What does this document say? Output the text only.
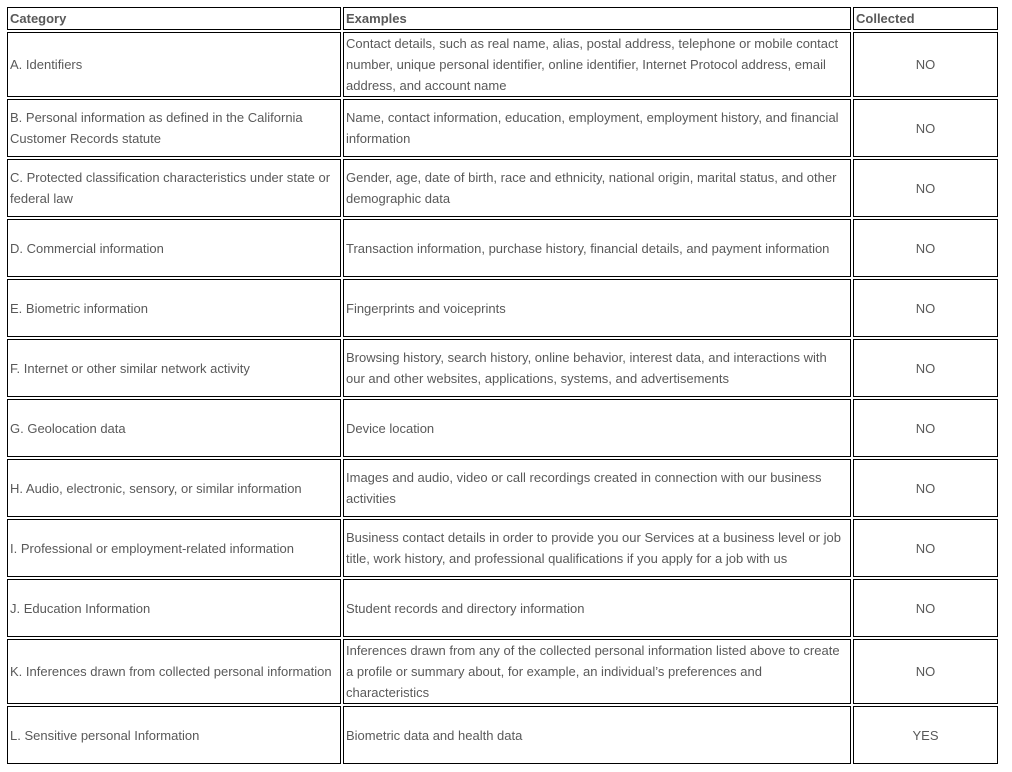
Category	Examples	Collected
A. Identifiers	Contact details, such as real name, alias, postal address, telephone or mobile contact number, unique personal identifier, online identifier, Internet Protocol address, email address, and account name	NO
B. Personal information as defined in the California Customer Records statute	Name, contact information, education, employment, employment history, and financial information	NO
C. Protected classification characteristics under state or federal law	Gender, age, date of birth, race and ethnicity, national origin, marital status, and other demographic data	NO
D. Commercial information	Transaction information, purchase history, financial details, and payment information	NO
E. Biometric information	Fingerprints and voiceprints	NO
F. Internet or other similar network activity	Browsing history, search history, online behavior, interest data, and interactions with our and other websites, applications, systems, and advertisements	NO
G. Geolocation data	Device location	NO
H. Audio, electronic, sensory, or similar information	Images and audio, video or call recordings created in connection with our business activities	NO
I. Professional or employment-related information	Business contact details in order to provide you our Services at a business level or job title, work history, and professional qualifications if you apply for a job with us	NO
J. Education Information	Student records and directory information	NO
K. Inferences drawn from collected personal information	Inferences drawn from any of the collected personal information listed above to create a profile or summary about, for example, an individual’s preferences and characteristics	NO
L. Sensitive personal Information	Biometric data and health data	YES
